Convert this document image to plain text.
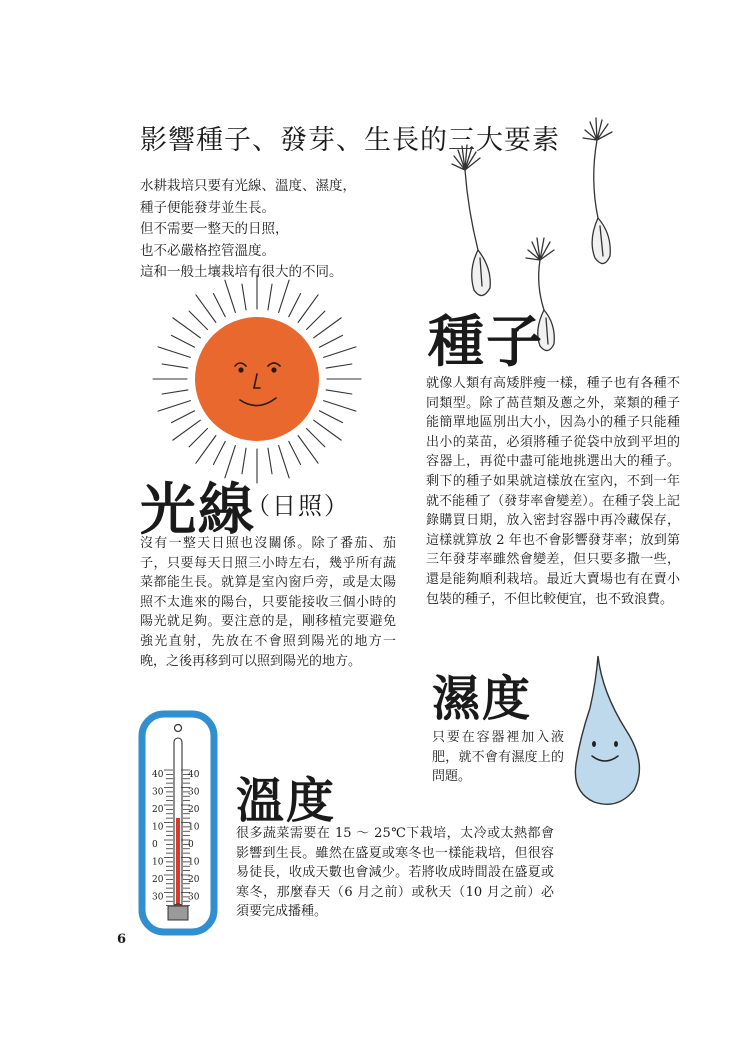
影響種子、發芽、生長的三大要素
水耕栽培只要有光線、溫度、濕度，
種子便能發芽並生長。
但不需要一整天的日照，
也不必嚴格控管溫度。
這和一般土壤栽培有很大的不同。
種子
就像人類有高矮胖瘦一樣，種子也有各種不同類型。除了萵苣類及蔥之外，菜類的種子能簡單地區別出大小，因為小的種子只能種出小的菜苗，必須將種子從袋中放到平坦的容器上，再從中盡可能地挑選出大的種子。剩下的種子如果就這樣放在室內，不到一年就不能種了（發芽率會變差）。在種子袋上記錄購買日期，放入密封容器中再冷藏保存，這樣就算放 2 年也不會影響發芽率；放到第三年發芽率雖然會變差，但只要多撒一些，還是能夠順利栽培。最近大賣場也有在賣小包裝的種子，不但比較便宜，也不致浪費。
光線
（日照）
沒有一整天日照也沒關係。除了番茄、茄子，只要每天日照三小時左右，幾乎所有蔬菜都能生長。就算是室內窗戶旁，或是太陽照不太進來的陽台，只要能接收三個小時的陽光就足夠。要注意的是，剛移植完要避免強光直射，先放在不會照到陽光的地方一晚，之後再移到可以照到陽光的地方。
濕度
只要在容器裡加入液肥，就不會有濕度上的問題。
40	40
30	30
20	20
10	10
0	0
10	10
20	20
30	30
溫度
很多蔬菜需要在 15 ～ 25℃下栽培，太冷或太熱都會影響到生長。雖然在盛夏或寒冬也一樣能栽培，但很容易徒長，收成天數也會減少。若將收成時間設在盛夏或寒冬，那麼春天（6 月之前）或秋天（10 月之前）必須要完成播種。
6
